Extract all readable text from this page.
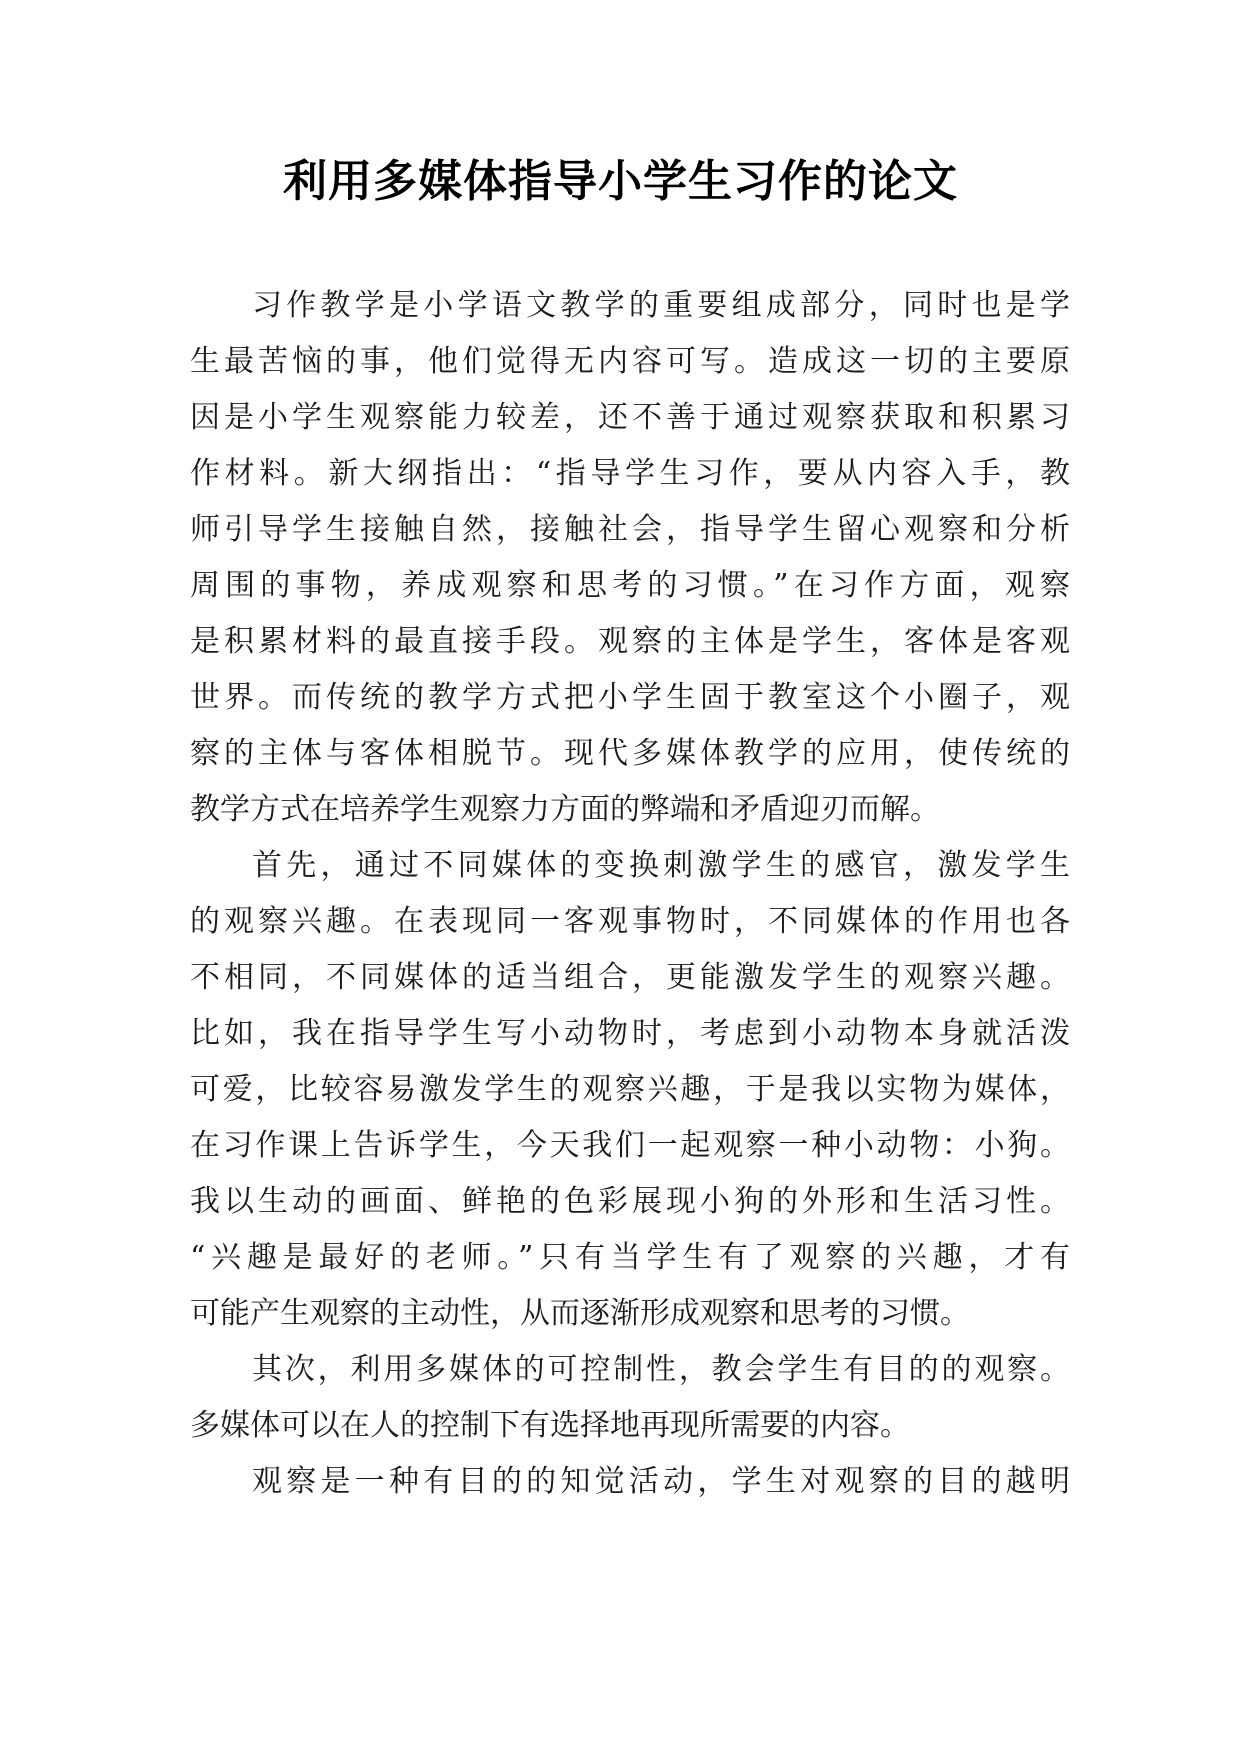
利用多媒体指导小学生习作的论文
习作教学是小学语文教学的重要组成部分，同时也是学
生最苦恼的事，他们觉得无内容可写。造成这一切的主要原
因是小学生观察能力较差，还不善于通过观察获取和积累习
作材料。新大纲指出：“指导学生习作，要从内容入手，教
师引导学生接触自然，接触社会，指导学生留心观察和分析
周围的事物，养成观察和思考的习惯。”在习作方面，观察
是积累材料的最直接手段。观察的主体是学生，客体是客观
世界。而传统的教学方式把小学生固于教室这个小圈子，观
察的主体与客体相脱节。现代多媒体教学的应用，使传统的
教学方式在培养学生观察力方面的弊端和矛盾迎刃而解。
首先，通过不同媒体的变换刺激学生的感官，激发学生
的观察兴趣。在表现同一客观事物时，不同媒体的作用也各
不相同，不同媒体的适当组合，更能激发学生的观察兴趣。
比如，我在指导学生写小动物时，考虑到小动物本身就活泼
可爱，比较容易激发学生的观察兴趣，于是我以实物为媒体，
在习作课上告诉学生，今天我们一起观察一种小动物：小狗。
我以生动的画面、鲜艳的色彩展现小狗的外形和生活习性。
“兴趣是最好的老师。”只有当学生有了观察的兴趣，才有
可能产生观察的主动性，从而逐渐形成观察和思考的习惯。
其次，利用多媒体的可控制性，教会学生有目的的观察。
多媒体可以在人的控制下有选择地再现所需要的内容。
观察是一种有目的的知觉活动，学生对观察的目的越明
